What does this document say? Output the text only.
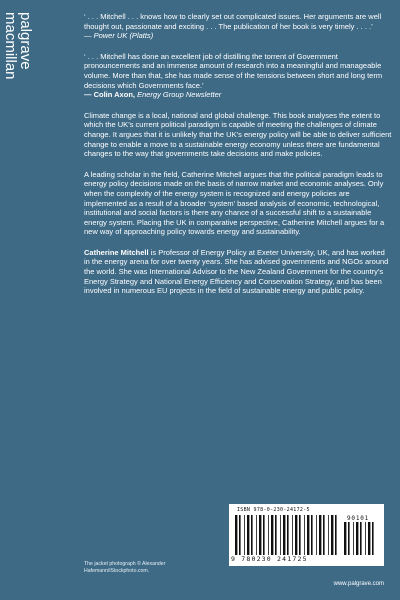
palgrave
macmillan	‘ . . . Mitchell . . . knows how to clearly set out complicated issues. Her arguments are well thought out, passionate and exciting . . . The publication of her book is very timely . . . .’

— Power UK (Platts)

‘ . . . Mitchell has done an excellent job of distilling the torrent of Government pronouncements and an immense amount of research into a meaningful and manageable volume. More than that, she has made sense of the tensions between short and long term decisions which Governments face.’

— Colin Axon, Energy Group Newsletter

Climate change is a local, national and global challenge. This book analyses the extent to which the UK’s current political paradigm is capable of meeting the challenges of climate change. It argues that it is unlikely that the UK’s energy policy will be able to deliver sufficient change to enable a move to a sustainable energy economy unless there are fundamental changes to the way that governments take decisions and make policies.

A leading scholar in the field, Catherine Mitchell argues that the political paradigm leads to energy policy decisions made on the basis of narrow market and economic analyses. Only when the complexity of the energy system is recognized and energy policies are implemented as a result of a broader ‘system’ based analysis of economic, technological, institutional and social factors is there any chance of a successful shift to a sustainable energy system. Placing the UK in comparative perspective, Catherine Mitchell argues for a new way of approaching policy towards energy and sustainability.

Catherine Mitchell is Professor of Energy Policy at Exeter University, UK, and has worked in the energy arena for over twenty years. She has advised governments and NGOs around the world. She was International Advisor to the New Zealand Government for the country’s Energy Strategy and National Energy Efficiency and Conservation Strategy, and has been involved in numerous EU projects in the field of sustainable energy and public policy.

ISBN 978-0-230-24172-5
90101
9 780230 241725
The jacket photograph © Alexander Hafemann/iStockphoto.com.
www.palgrave.com
